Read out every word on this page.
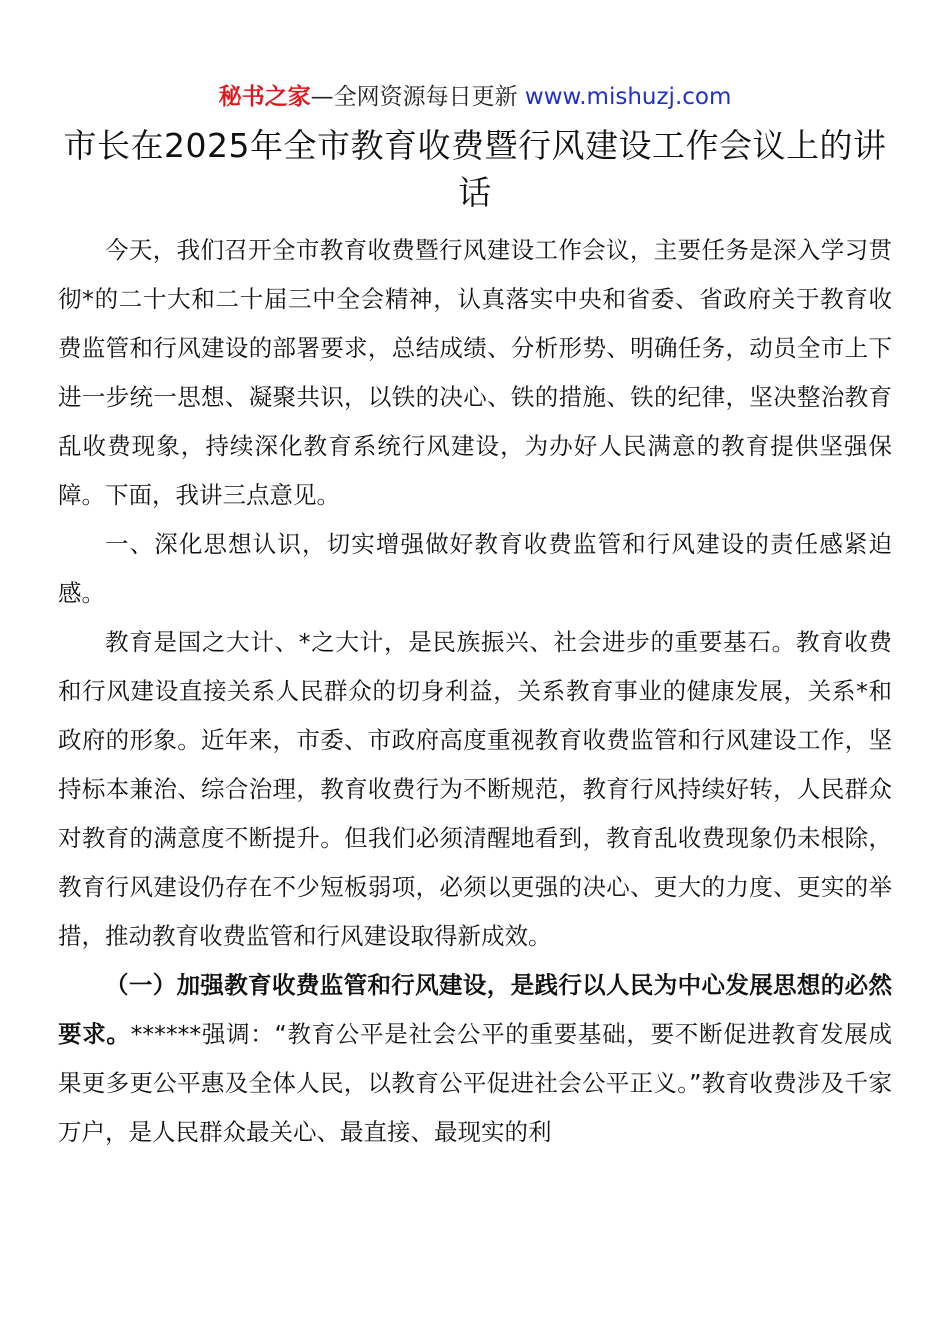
秘书之家—全网资源每日更新 www.mishuzj.com
市长在2025年全市教育收费暨行风建设工作会议上的讲话

今天，我们召开全市教育收费暨行风建设工作会议，主要任务是深入学习贯彻*的二十大和二十届三中全会精神，认真落实中央和省委、省政府关于教育收费监管和行风建设的部署要求，总结成绩、分析形势、明确任务，动员全市上下进一步统一思想、凝聚共识，以铁的决心、铁的措施、铁的纪律，坚决整治教育乱收费现象，持续深化教育系统行风建设，为办好人民满意的教育提供坚强保障。下面，我讲三点意见。

一、深化思想认识，切实增强做好教育收费监管和行风建设的责任感紧迫感。

教育是国之大计、*之大计，是民族振兴、社会进步的重要基石。教育收费和行风建设直接关系人民群众的切身利益，关系教育事业的健康发展，关系*和政府的形象。近年来，市委、市政府高度重视教育收费监管和行风建设工作，坚持标本兼治、综合治理，教育收费行为不断规范，教育行风持续好转，人民群众对教育的满意度不断提升。但我们必须清醒地看到，教育乱收费现象仍未根除，教育行风建设仍存在不少短板弱项，必须以更强的决心、更大的力度、更实的举措，推动教育收费监管和行风建设取得新成效。

（一）加强教育收费监管和行风建设，是践行以人民为中心发展思想的必然要求。******强调：“教育公平是社会公平的重要基础，要不断促进教育发展成果更多更公平惠及全体人民，以教育公平促进社会公平正义。”教育收费涉及千家万户，是人民群众最关心、最直接、最现实的利
